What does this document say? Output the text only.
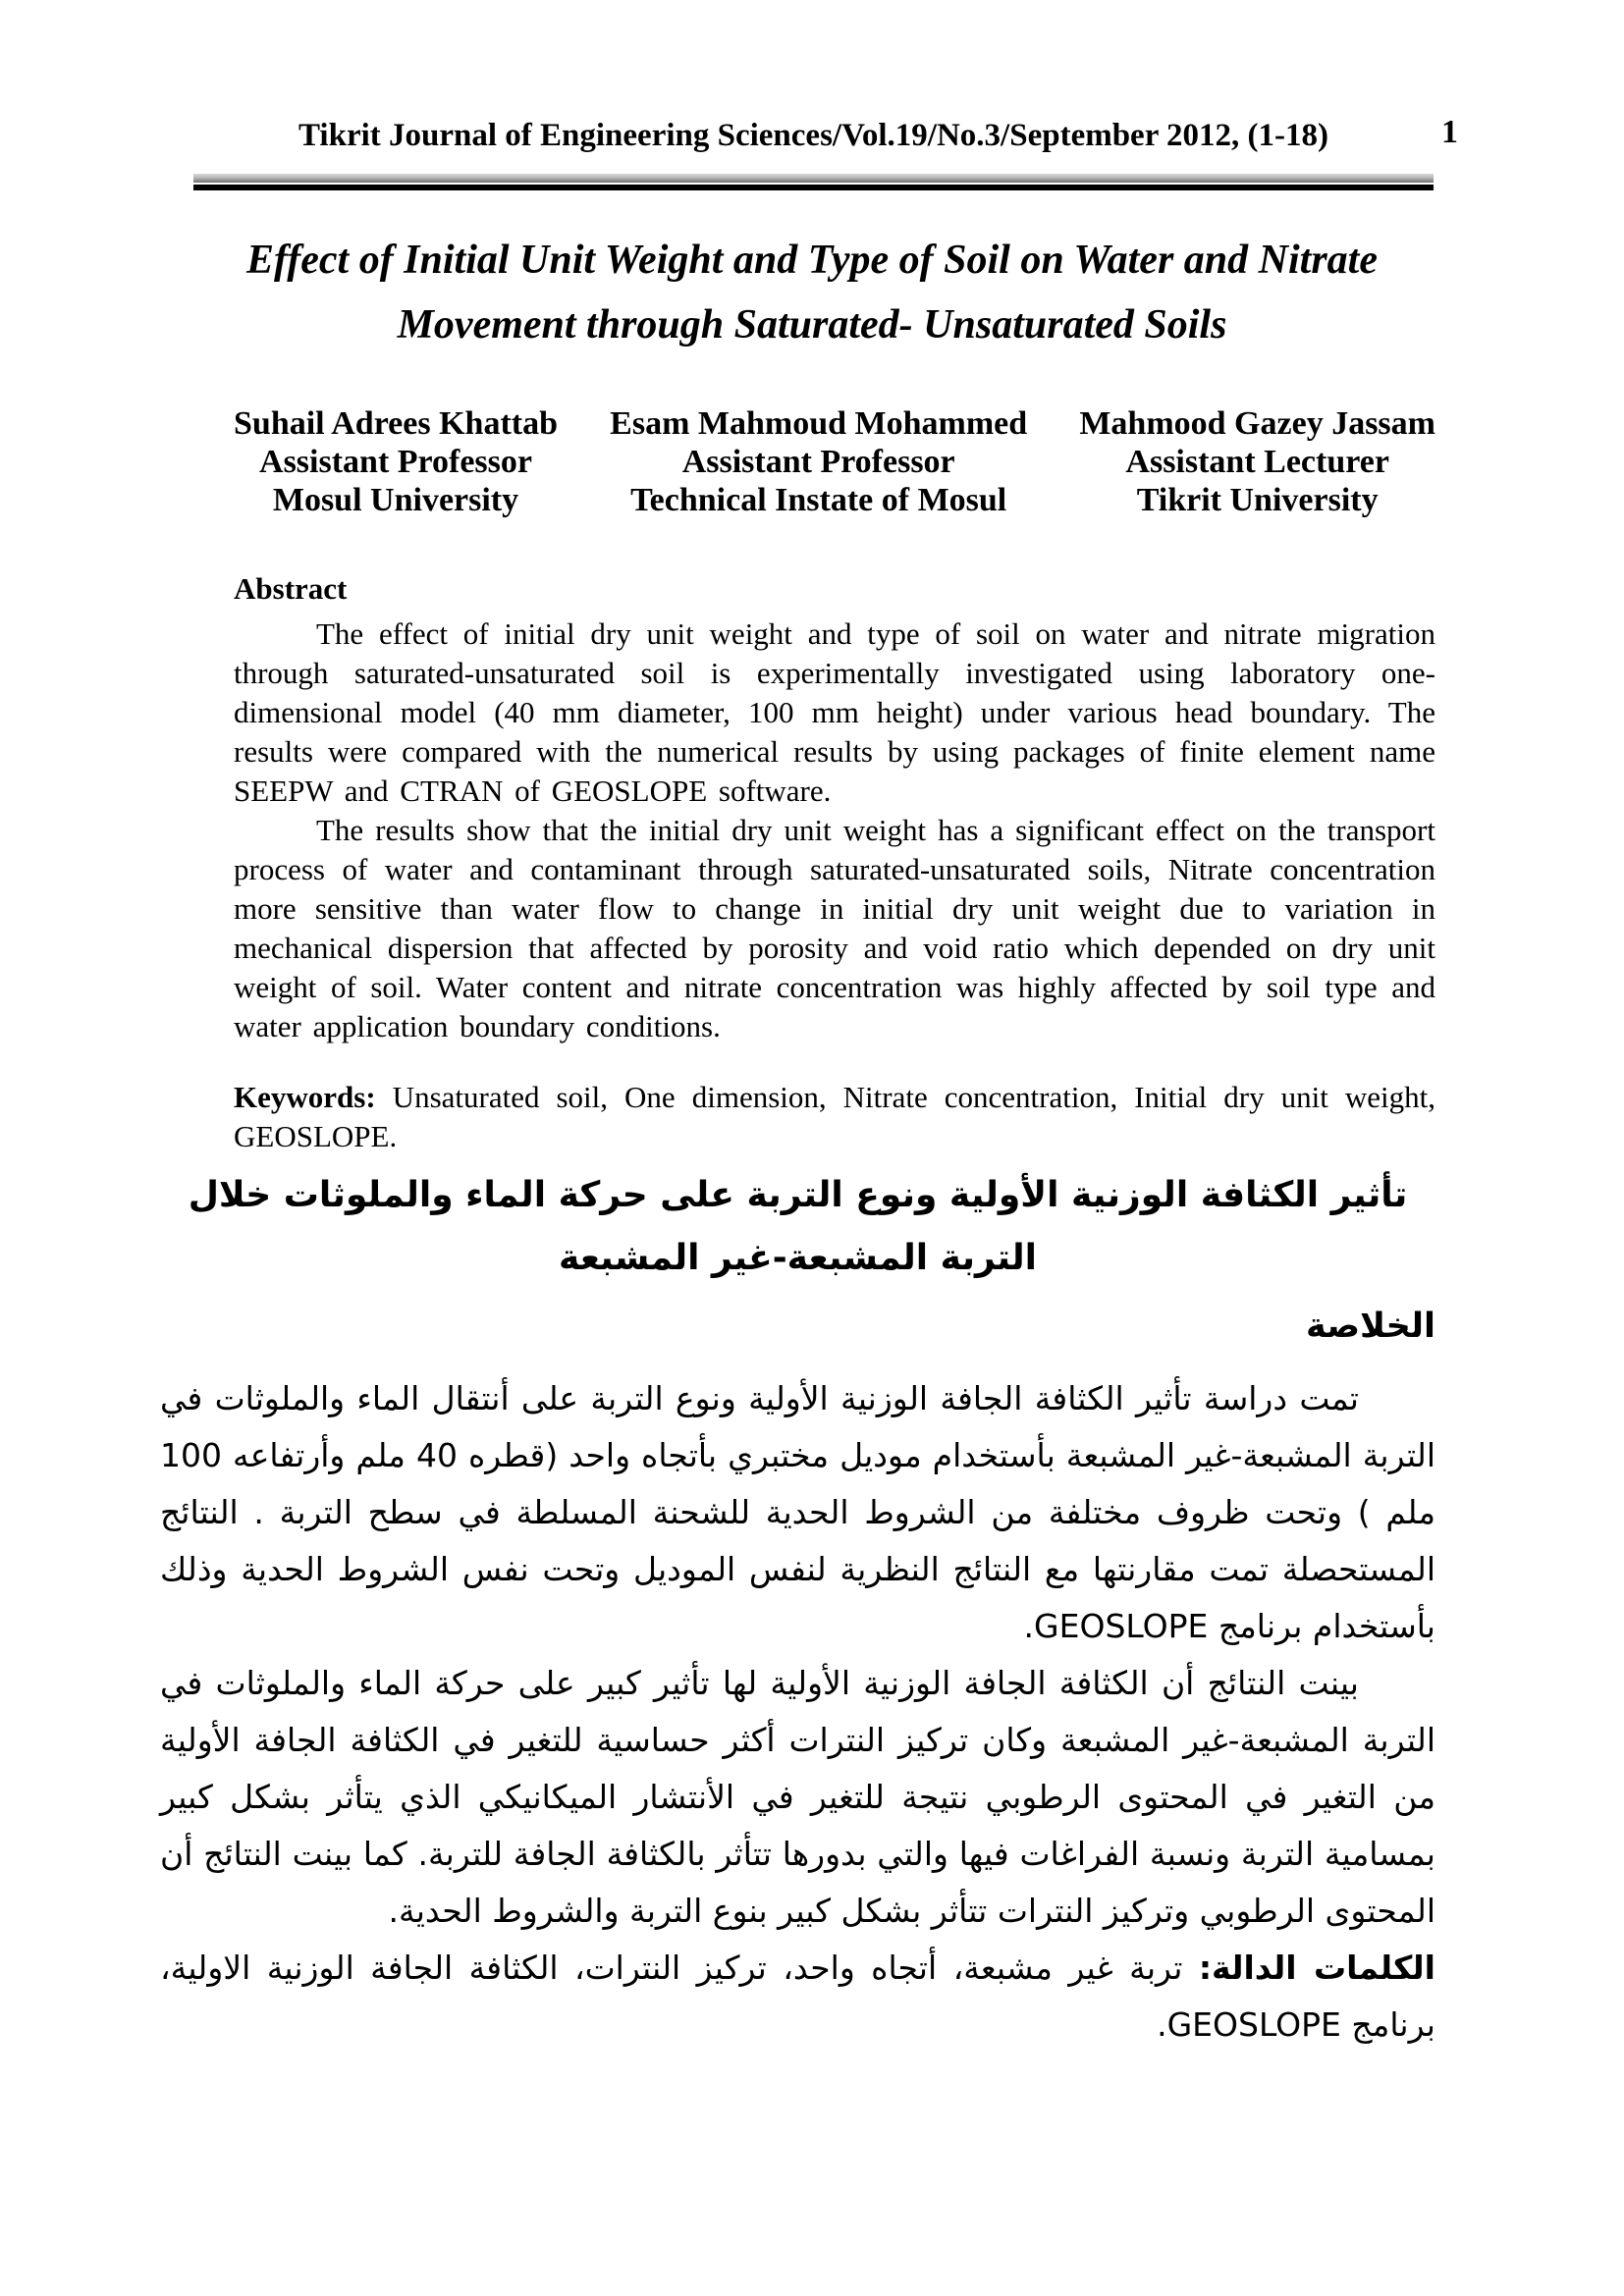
Tikrit Journal of Engineering Sciences/Vol.19/No.3/September 2012, (1-18)	1
Effect of Initial Unit Weight and Type of Soil on Water and Nitrate
Movement through Saturated- Unsaturated Soils
Suhail Adrees Khattab
Assistant Professor
Mosul University
Esam Mahmoud Mohammed
Assistant Professor
Technical Instate of Mosul
Mahmood Gazey Jassam
Assistant Lecturer
Tikrit University
Abstract

The effect of initial dry unit weight and type of soil on water and nitrate migration through saturated-unsaturated soil is experimentally investigated using laboratory one-dimensional model (40 mm diameter, 100 mm height) under various head boundary. The results were compared with the numerical results by using packages of finite element name SEEPW and CTRAN of GEOSLOPE software.

The results show that the initial dry unit weight has a significant effect on the transport process of water and contaminant through saturated-unsaturated soils, Nitrate concentration more sensitive than water flow to change in initial dry unit weight due to variation in mechanical dispersion that affected by porosity and void ratio which depended on dry unit weight of soil. Water content and nitrate concentration was highly affected by soil type and water application boundary conditions.

Keywords: Unsaturated soil, One dimension, Nitrate concentration, Initial dry unit weight, GEOSLOPE.

تأثير الكثافة الوزنية الأولية ونوع التربة على حركة الماء والملوثات خلال التربة المشبعة-غير المشبعة
الخلاصة

تمت دراسة تأثير الكثافة الجافة الوزنية الأولية ونوع التربة على أنتقال الماء والملوثات في التربة المشبعة-غير المشبعة بأستخدام موديل مختبري بأتجاه واحد (قطره 40 ملم وأرتفاعه 100 ملم ) وتحت ظروف مختلفة من الشروط الحدية للشحنة المسلطة في سطح التربة . النتائج المستحصلة تمت مقارنتها مع النتائج النظرية لنفس الموديل وتحت نفس الشروط الحدية وذلك بأستخدام برنامج GEOSLOPE.

بينت النتائج أن الكثافة الجافة الوزنية الأولية لها تأثير كبير على حركة الماء والملوثات في التربة المشبعة-غير المشبعة وكان تركيز النترات أكثر حساسية للتغير في الكثافة الجافة الأولية من التغير في المحتوى الرطوبي نتيجة للتغير في الأنتشار الميكانيكي الذي يتأثر بشكل كبير بمسامية التربة ونسبة الفراغات فيها والتي بدورها تتأثر بالكثافة الجافة للتربة. كما بينت النتائج أن المحتوى الرطوبي وتركيز النترات تتأثر بشكل كبير بنوع التربة والشروط الحدية.

الكلمات الدالة: تربة غير مشبعة، أتجاه واحد، تركيز النترات، الكثافة الجافة الوزنية الاولية، برنامج GEOSLOPE.
